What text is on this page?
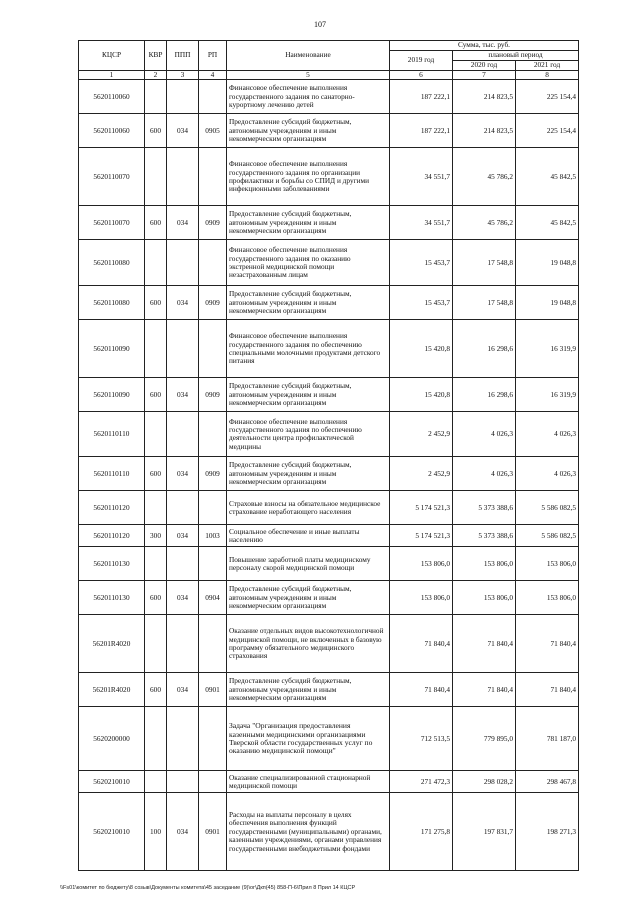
107
КЦСР	КВР	ППП	РП	Наименование	Сумма, тыс. руб.		
					2019 год	плановый период	
						2020 год	2021 год
1	2	3	4	5	6	7	8
5620110060				Финансовое обеспечение выполнения государственного задания по санаторно-курортному лечению детей	187 222,1	214 823,5	225 154,4
5620110060	600	034	0905	Предоставление субсидий бюджетным, автономным учреждениям и иным некоммерческим организациям	187 222,1	214 823,5	225 154,4
5620110070				Финансовое обеспечение выполнения государственного задания по организации профилактики и борьбы со СПИД и другими инфекционными заболеваниями	34 551,7	45 786,2	45 842,5
5620110070	600	034	0909	Предоставление субсидий бюджетным, автономным учреждениям и иным некоммерческим организациям	34 551,7	45 786,2	45 842,5
5620110080				Финансовое обеспечение выполнения государственного задания по оказанию экстренной медицинской помощи незастрахованным лицам	15 453,7	17 548,8	19 048,8
5620110080	600	034	0909	Предоставление субсидий бюджетным, автономным учреждениям и иным некоммерческим организациям	15 453,7	17 548,8	19 048,8
5620110090				Финансовое обеспечение выполнения государственного задания по обеспечению специальными молочными продуктами детского питания	15 420,8	16 298,6	16 319,9
5620110090	600	034	0909	Предоставление субсидий бюджетным, автономным учреждениям и иным некоммерческим организациям	15 420,8	16 298,6	16 319,9
5620110110				Финансовое обеспечение выполнения государственного задания по обеспечению деятельности центра профилактической медицины	2 452,9	4 026,3	4 026,3
5620110110	600	034	0909	Предоставление субсидий бюджетным, автономным учреждениям и иным некоммерческим организациям	2 452,9	4 026,3	4 026,3
5620110120				Страховые взносы на обязательное медицинское страхование неработающего населения	5 174 521,3	5 373 388,6	5 586 082,5
5620110120	300	034	1003	Социальное обеспечение и иные выплаты населению	5 174 521,3	5 373 388,6	5 586 082,5
5620110130				Повышение заработной платы медицинскому персоналу скорой медицинской помощи	153 806,0	153 806,0	153 806,0
5620110130	600	034	0904	Предоставление субсидий бюджетным, автономным учреждениям и иным некоммерческим организациям	153 806,0	153 806,0	153 806,0
56201R4020				Оказание отдельных видов высокотехнологичной медицинской помощи, не включенных в базовую программу обязательного медицинского страхования	71 840,4	71 840,4	71 840,4
56201R4020	600	034	0901	Предоставление субсидий бюджетным, автономным учреждениям и иным некоммерческим организациям	71 840,4	71 840,4	71 840,4
5620200000				Задача "Организация предоставления казенными медицинскими организациями Тверской области государственных услуг по оказанию медицинской помощи"	712 513,5	779 895,0	781 187,0
5620210010				Оказание специализированной стационарной медицинской помощи	271 472,3	298 028,2	298 467,8
5620210010	100	034	0901	Расходы на выплаты персоналу в целях обеспечения выполнения функций государственными (муниципальными) органами, казенными учреждениями, органами управления государственными внебюджетными фондами	171 275,8	197 831,7	198 271,3
\\Fs01\комитет по бюджету\8 созыв\Документы комитета\45 заседание (9)\ог\Дкп(45) 858-П-6\Прил 8 Прил 14 КЦСР
